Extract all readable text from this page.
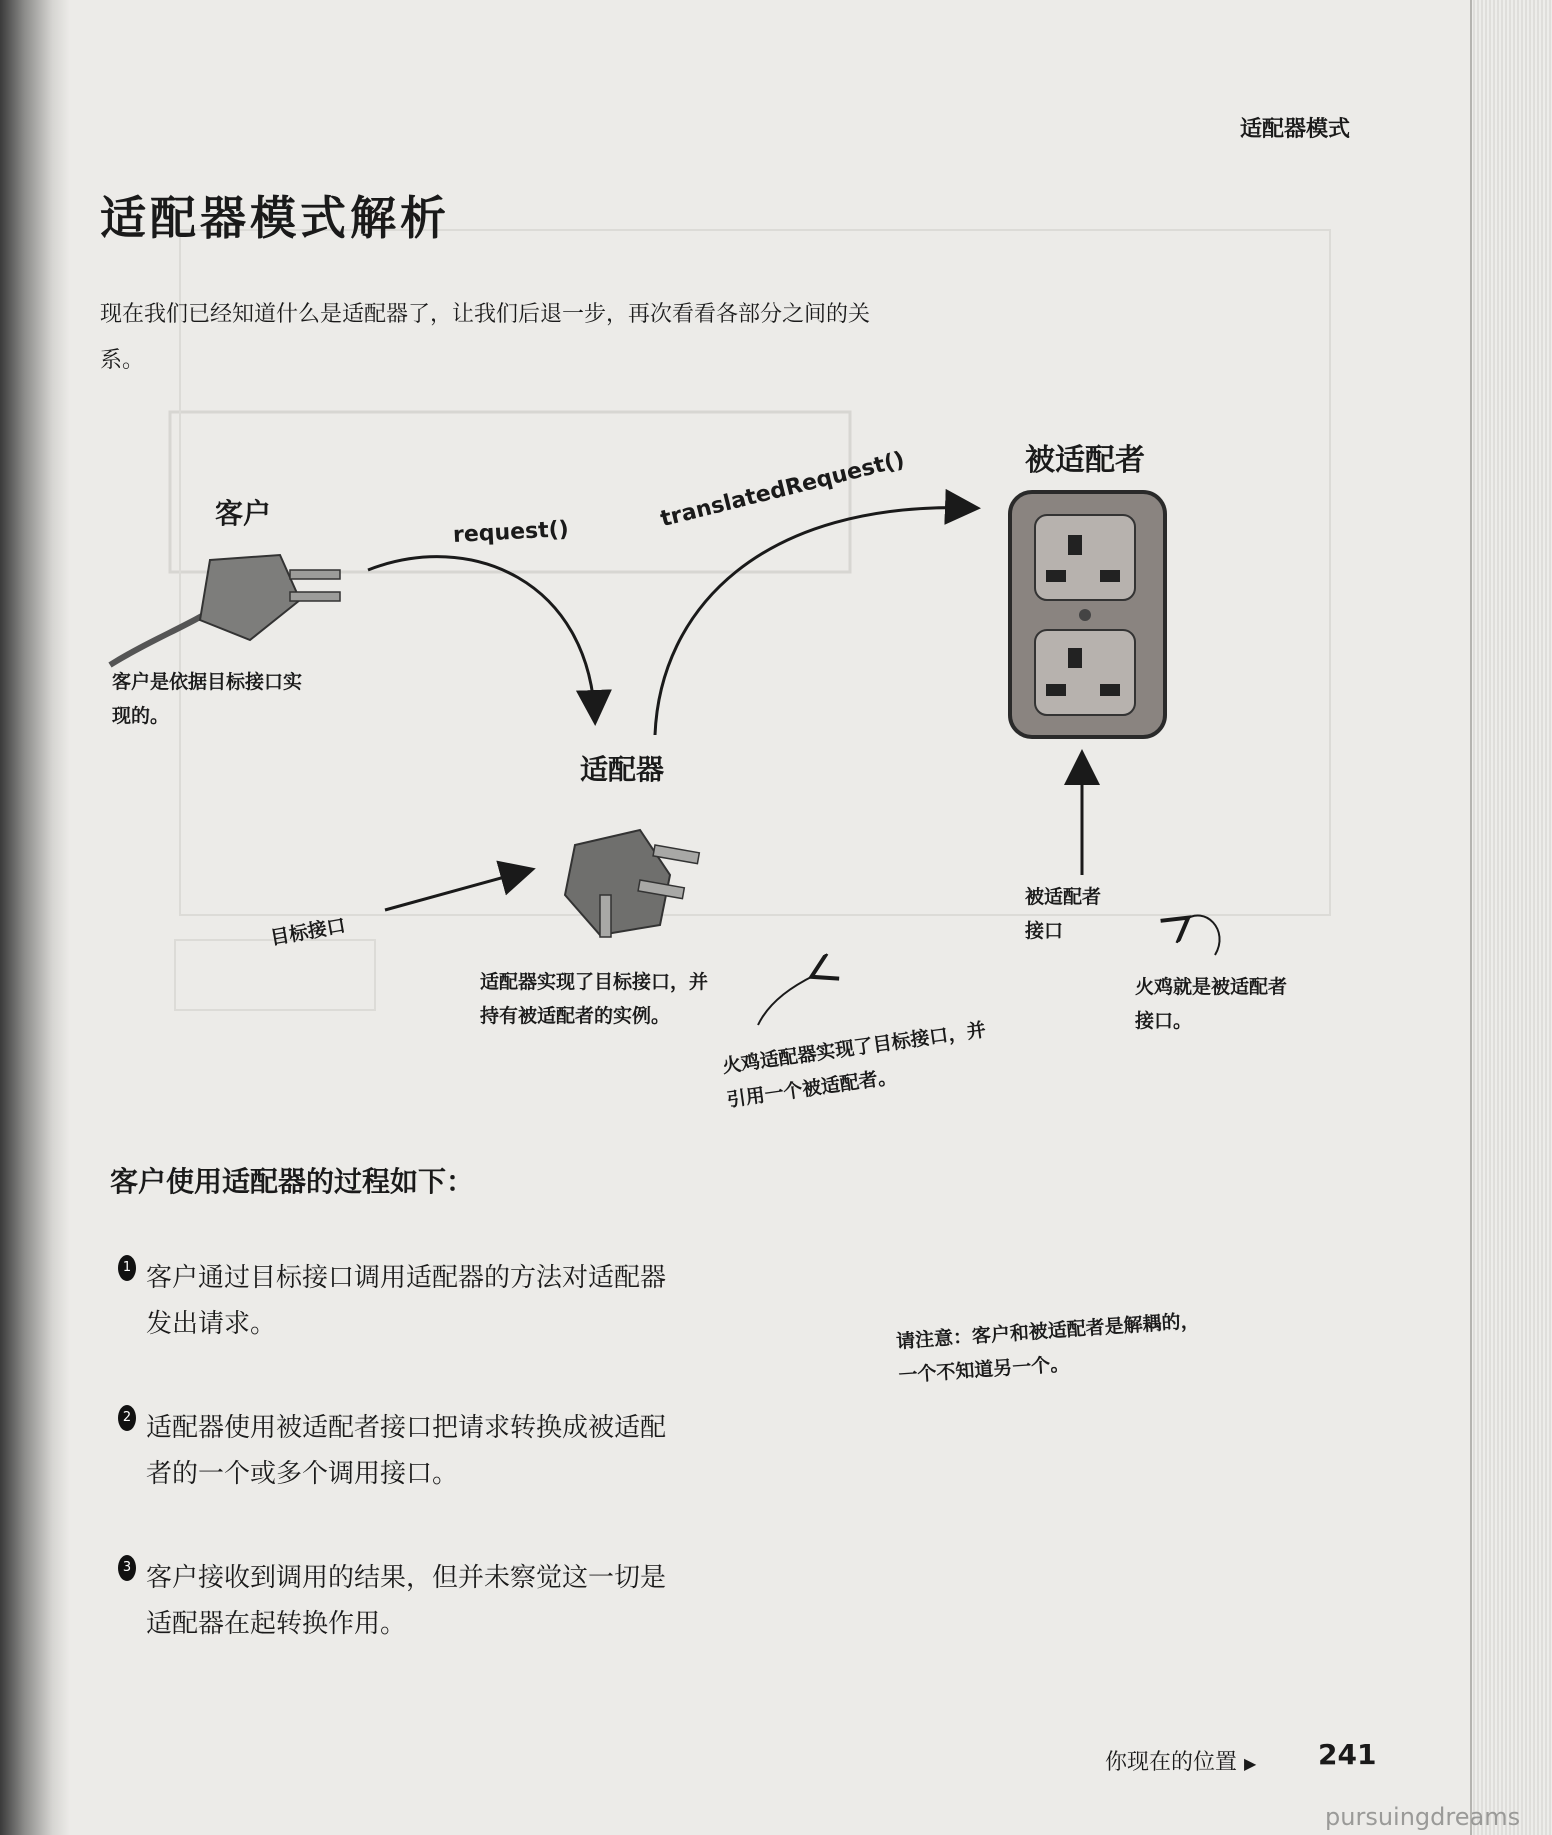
适配器模式
适配器模式解析
现在我们已经知道什么是适配器了，让我们后退一步，再次看看各部分之间的关系。
客户
适配器
被适配者
request()
translatedRequest()
目标接口
被适配者
接口
客户是依据目标接口实
现的。
适配器实现了目标接口，并
持有被适配者的实例。
火鸡适配器实现了目标接口，并
引用一个被适配者。
火鸡就是被适配者
接口。
请注意：客户和被适配者是解耦的，
一个不知道另一个。
客户使用适配器的过程如下：
1 客户通过目标接口调用适配器的方法对适配器
发出请求。
2 适配器使用被适配者接口把请求转换成被适配
者的一个或多个调用接口。
3 客户接收到调用的结果，但并未察觉这一切是
适配器在起转换作用。
你现在的位置 ▶ 241
pursuingdreams
